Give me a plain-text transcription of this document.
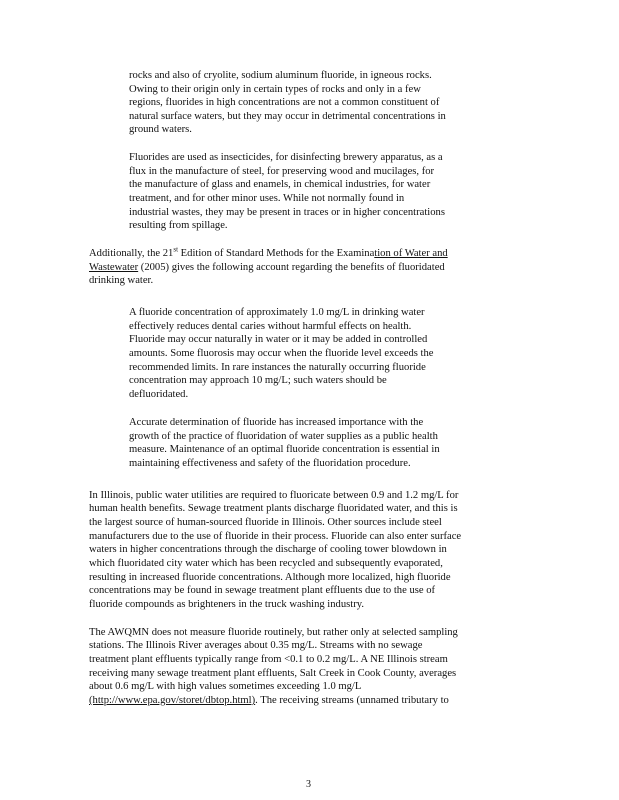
rocks and also of cryolite, sodium aluminum fluoride, in igneous rocks.
Owing to their origin only in certain types of rocks and only in a few
regions, fluorides in high concentrations are not a common constituent of
natural surface waters, but they may occur in detrimental concentrations in
ground waters.
Fluorides are used as insecticides, for disinfecting brewery apparatus, as a
flux in the manufacture of steel, for preserving wood and mucilages, for
the manufacture of glass and enamels, in chemical industries, for water
treatment, and for other minor uses. While not normally found in
industrial wastes, they may be present in traces or in higher concentrations
resulting from spillage.
Additionally, the 21st Edition of Standard Methods for the Examination of Water and
Wastewater (2005) gives the following account regarding the benefits of fluoridated
drinking water.
A fluoride concentration of approximately 1.0 mg/L in drinking water
effectively reduces dental caries without harmful effects on health.
Fluoride may occur naturally in water or it may be added in controlled
amounts. Some fluorosis may occur when the fluoride level exceeds the
recommended limits. In rare instances the naturally occurring fluoride
concentration may approach 10 mg/L; such waters should be
defluoridated.
Accurate determination of fluoride has increased importance with the
growth of the practice of fluoridation of water supplies as a public health
measure. Maintenance of an optimal fluoride concentration is essential in
maintaining effectiveness and safety of the fluoridation procedure.
In Illinois, public water utilities are required to fluoricate between 0.9 and 1.2 mg/L for
human health benefits. Sewage treatment plants discharge fluoridated water, and this is
the largest source of human-sourced fluoride in Illinois. Other sources include steel
manufacturers due to the use of fluoride in their process. Fluoride can also enter surface
waters in higher concentrations through the discharge of cooling tower blowdown in
which fluoridated city water which has been recycled and subsequently evaporated,
resulting in increased fluoride concentrations. Although more localized, high fluoride
concentrations may be found in sewage treatment plant effluents due to the use of
fluoride compounds as brighteners in the truck washing industry.
The AWQMN does not measure fluoride routinely, but rather only at selected sampling
stations. The Illinois River averages about 0.35 mg/L. Streams with no sewage
treatment plant effluents typically range from <0.1 to 0.2 mg/L. A NE Illinois stream
receiving many sewage treatment plant effluents, Salt Creek in Cook County, averages
about 0.6 mg/L with high values sometimes exceeding 1.0 mg/L
(http://www.epa.gov/storet/dbtop.html). The receiving streams (unnamed tributary to
3
